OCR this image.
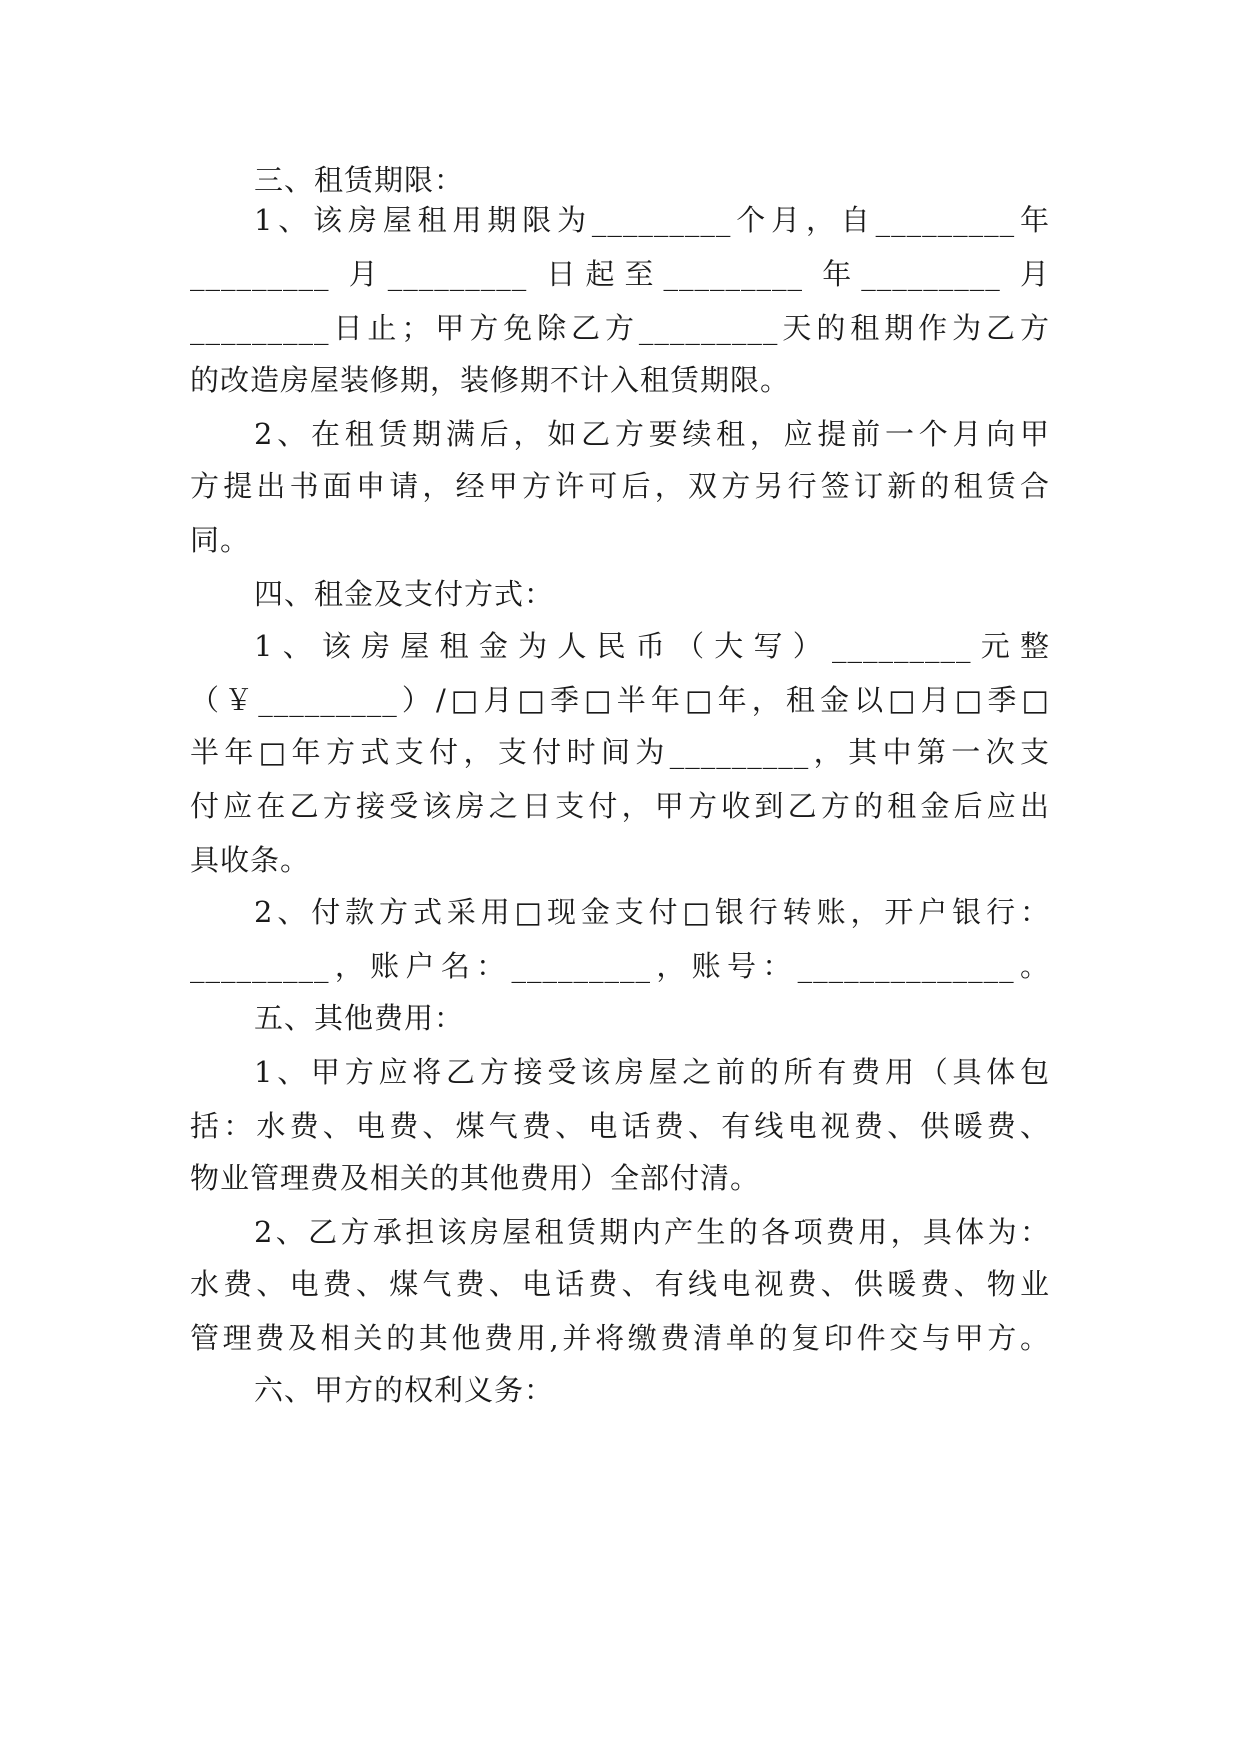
三、租赁期限：
1、该房屋租用期限为_________个月，自_________年
_________ 月_________ 日起至_________ 年_________ 月
_________日止；甲方免除乙方_________天的租期作为乙方
的改造房屋装修期，装修期不计入租赁期限。
2、在租赁期满后，如乙方要续租，应提前一个月向甲
方提出书面申请，经甲方许可后，双方另行签订新的租赁合
同。
四、租金及支付方式：
1、该房屋租金为人民币（大写）_________元整
（￥_________）/□月□季□半年□年，租金以□月□季□
半年□年方式支付，支付时间为_________，其中第一次支
付应在乙方接受该房之日支付，甲方收到乙方的租金后应出
具收条。
2、付款方式采用□现金支付□银行转账，开户银行：
_________，账户名：_________，账号：______________。
五、其他费用：
1、甲方应将乙方接受该房屋之前的所有费用（具体包
括：水费、电费、煤气费、电话费、有线电视费、供暖费、
物业管理费及相关的其他费用）全部付清。
2、乙方承担该房屋租赁期内产生的各项费用，具体为：
水费、电费、煤气费、电话费、有线电视费、供暖费、物业
管理费及相关的其他费用,并将缴费清单的复印件交与甲方。
六、甲方的权利义务：
